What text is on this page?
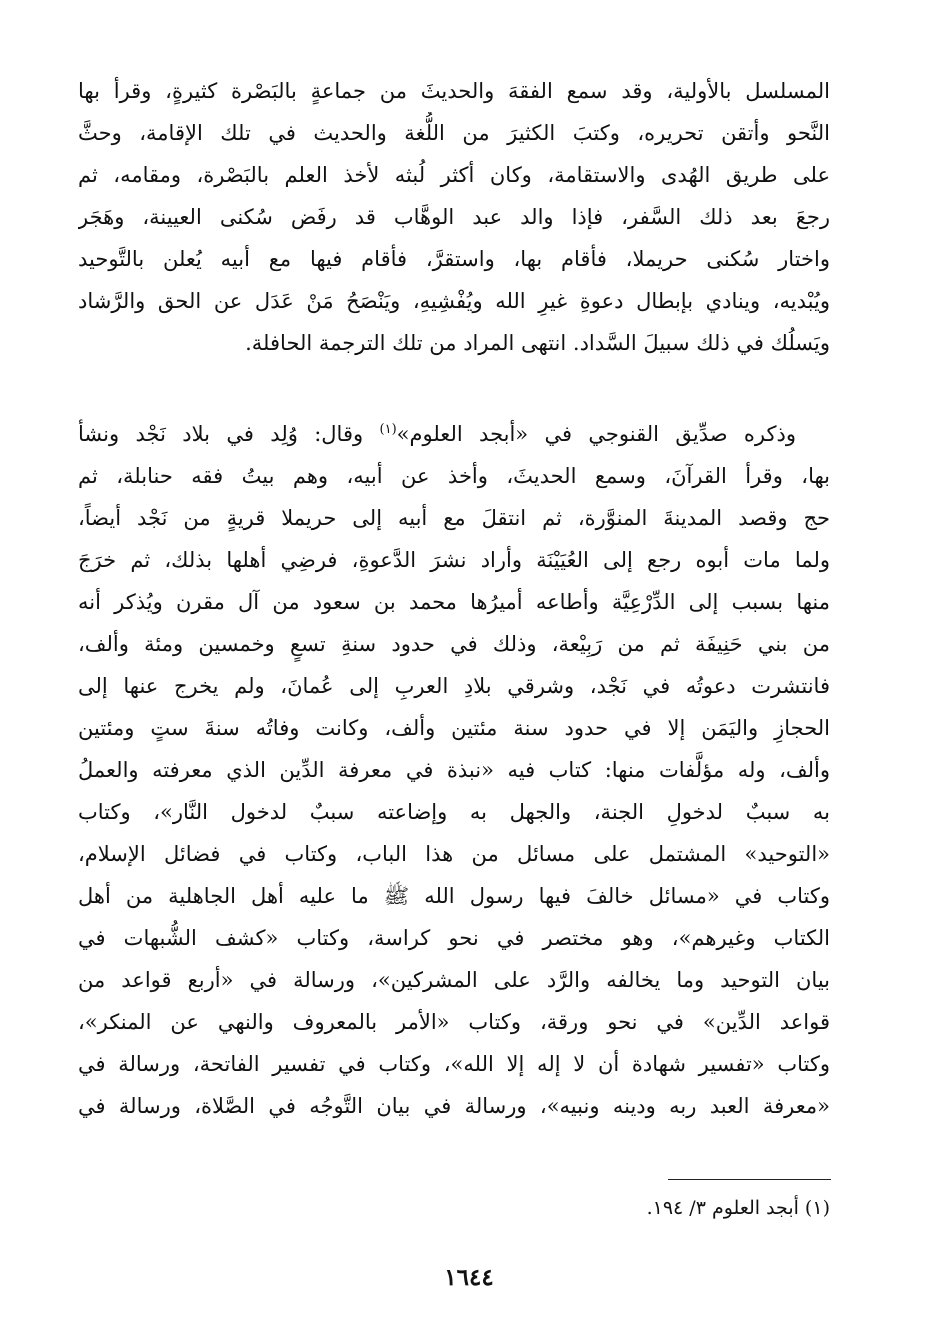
المسلسل بالأولية، وقد سمع الفقهَ والحديثَ من جماعةٍ بالبَصْرة كثيرةٍ، وقرأ بها
النَّحو وأتقن تحريره، وكتبَ الكثيرَ من اللُّغة والحديث في تلك الإقامة، وحثَّ
على طريق الهُدى والاستقامة، وكان أكثر لُبثه لأخذ العلم بالبَصْرة، ومقامه، ثم
رجعَ بعد ذلك السَّفر، فإذا والد عبد الوهَّاب قد رفَض سُكنى العيينة، وهَجَر
واختار سُكنى حريملا، فأقام بها، واستقرَّ، فأقام فيها مع أبيه يُعلن بالتَّوحيد
ويُبْديه، وينادي بإبطال دعوةِ غيرِ الله ويُفْشِيهِ، ويَنْصَحُ مَنْ عَدَل عن الحق والرَّشاد
ويَسلُك في ذلك سبيلَ السَّداد. انتهى المراد من تلك الترجمة الحافلة.
وذكره صدِّيق القنوجي في «أبجد العلوم»$^{(١)}$ وقال: وُلِد في بلاد نَجْد ونشأ
بها، وقرأ القرآنَ، وسمع الحديثَ، وأخذ عن أبيه، وهم بيتُ فقه حنابلة، ثم
حج وقصد المدينةَ المنوَّرة، ثم انتقلَ مع أبيه إلى حريملا قريةٍ من نَجْد أيضاً،
ولما مات أبوه رجع إلى العُيَيْنَة وأراد نشرَ الدَّعوةِ، فرضِي أهلها بذلك، ثم خرَجَ
منها بسبب إلى الدِّرْعِيَّة وأطاعه أميرُها محمد بن سعود من آل مقرن ويُذكر أنه
من بني حَنِيفَة ثم من رَبِيْعة، وذلك في حدود سنةِ تسعٍ وخمسين ومئة وألف،
فانتشرت دعوتُه في نَجْد، وشرقي بلادِ العربِ إلى عُمانَ، ولم يخرج عنها إلى
الحجازِ واليَمَن إلا في حدود سنة مئتين وألف، وكانت وفاتُه سنةَ ستٍ ومئتين
وألف، وله مؤلَّفات منها: كتاب فيه «نبذة في معرفة الدِّين الذي معرفته والعملُ
به سببٌ لدخولِ الجنة، والجهل به وإضاعته سببٌ لدخول النَّار»، وكتاب
«التوحيد» المشتمل على مسائل من هذا الباب، وكتاب في فضائل الإسلام،
وكتاب في «مسائل خالفَ فيها رسول الله ﷺ ما عليه أهل الجاهلية من أهل
الكتاب وغيرهم»، وهو مختصر في نحو كراسة، وكتاب «كشف الشُّبهات في
بيان التوحيد وما يخالفه والرَّد على المشركين»، ورسالة في «أربع قواعد من
قواعد الدِّين» في نحو ورقة، وكتاب «الأمر بالمعروف والنهي عن المنكر»،
وكتاب «تفسير شهادة أن لا إله إلا الله»، وكتاب في تفسير الفاتحة، ورسالة في
«معرفة العبد ربه ودينه ونبيه»، ورسالة في بيان التَّوجُه في الصَّلاة، ورسالة في
(١) أبجد العلوم ٣/ ١٩٤.
١٦٤٤
